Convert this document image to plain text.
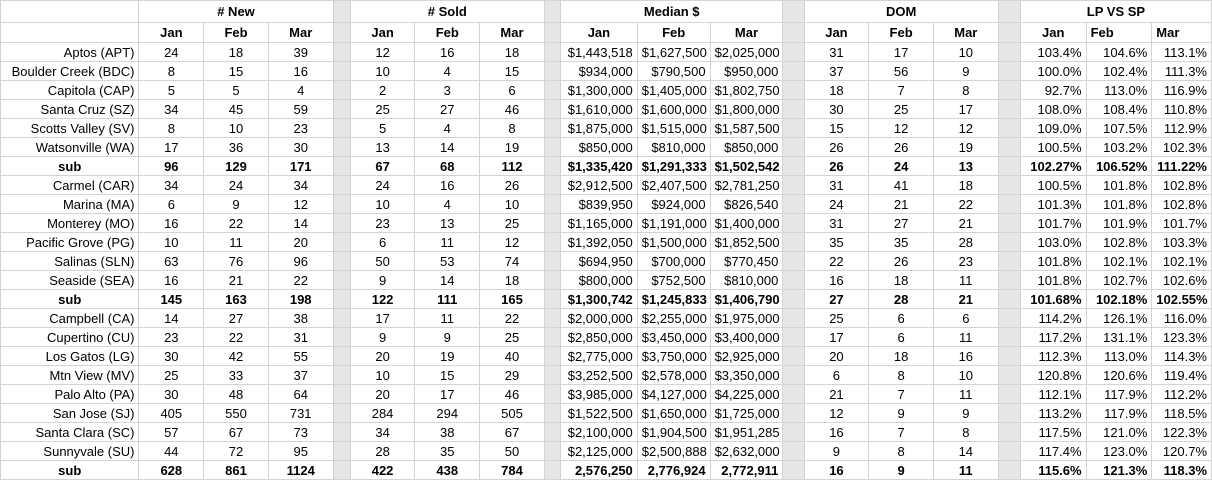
	# New				# Sold				Median $				DOM				LP VS SP		
	Jan	Feb	Mar		Jan	Feb	Mar		Jan	Feb	Mar		Jan	Feb	Mar		Jan	Feb	Mar
Aptos (APT)	24	18	39		12	16	18		$1,443,518	$1,627,500	$2,025,000		31	17	10		103.4%	104.6%	113.1%
Boulder Creek (BDC)	8	15	16		10	4	15		$934,000	$790,500	$950,000		37	56	9		100.0%	102.4%	111.3%
Capitola (CAP)	5	5	4		2	3	6		$1,300,000	$1,405,000	$1,802,750		18	7	8		92.7%	113.0%	116.9%
Santa Cruz (SZ)	34	45	59		25	27	46		$1,610,000	$1,600,000	$1,800,000		30	25	17		108.0%	108.4%	110.8%
Scotts Valley (SV)	8	10	23		5	4	8		$1,875,000	$1,515,000	$1,587,500		15	12	12		109.0%	107.5%	112.9%
Watsonville (WA)	17	36	30		13	14	19		$850,000	$810,000	$850,000		26	26	19		100.5%	103.2%	102.3%
sub	96	129	171		67	68	112		$1,335,420	$1,291,333	$1,502,542		26	24	13		102.27%	106.52%	111.22%
Carmel (CAR)	34	24	34		24	16	26		$2,912,500	$2,407,500	$2,781,250		31	41	18		100.5%	101.8%	102.8%
Marina (MA)	6	9	12		10	4	10		$839,950	$924,000	$826,540		24	21	22		101.3%	101.8%	102.8%
Monterey (MO)	16	22	14		23	13	25		$1,165,000	$1,191,000	$1,400,000		31	27	21		101.7%	101.9%	101.7%
Pacific Grove (PG)	10	11	20		6	11	12		$1,392,050	$1,500,000	$1,852,500		35	35	28		103.0%	102.8%	103.3%
Salinas (SLN)	63	76	96		50	53	74		$694,950	$700,000	$770,450		22	26	23		101.8%	102.1%	102.1%
Seaside (SEA)	16	21	22		9	14	18		$800,000	$752,500	$810,000		16	18	11		101.8%	102.7%	102.6%
sub	145	163	198		122	111	165		$1,300,742	$1,245,833	$1,406,790		27	28	21		101.68%	102.18%	102.55%
Campbell (CA)	14	27	38		17	11	22		$2,000,000	$2,255,000	$1,975,000		25	6	6		114.2%	126.1%	116.0%
Cupertino (CU)	23	22	31		9	9	25		$2,850,000	$3,450,000	$3,400,000		17	6	11		117.2%	131.1%	123.3%
Los Gatos (LG)	30	42	55		20	19	40		$2,775,000	$3,750,000	$2,925,000		20	18	16		112.3%	113.0%	114.3%
Mtn View (MV)	25	33	37		10	15	29		$3,252,500	$2,578,000	$3,350,000		6	8	10		120.8%	120.6%	119.4%
Palo Alto (PA)	30	48	64		20	17	46		$3,985,000	$4,127,000	$4,225,000		21	7	11		112.1%	117.9%	112.2%
San Jose (SJ)	405	550	731		284	294	505		$1,522,500	$1,650,000	$1,725,000		12	9	9		113.2%	117.9%	118.5%
Santa Clara (SC)	57	67	73		34	38	67		$2,100,000	$1,904,500	$1,951,285		16	7	8		117.5%	121.0%	122.3%
Sunnyvale (SU)	44	72	95		28	35	50		$2,125,000	$2,500,888	$2,632,000		9	8	14		117.4%	123.0%	120.7%
sub	628	861	1124		422	438	784		2,576,250	2,776,924	2,772,911		16	9	11		115.6%	121.3%	118.3%
